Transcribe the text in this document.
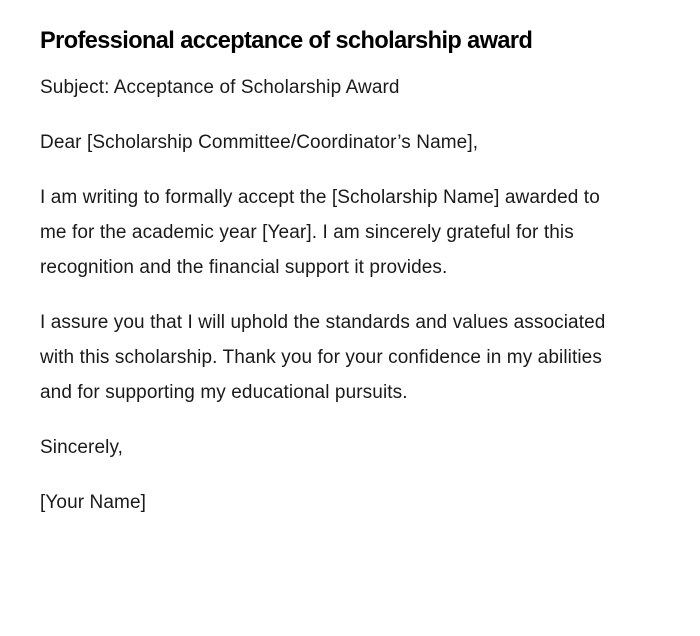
Professional acceptance of scholarship award

Subject: Acceptance of Scholarship Award

Dear [Scholarship Committee/Coordinator’s Name],

I am writing to formally accept the [Scholarship Name] awarded to me for the academic year [Year]. I am sincerely grateful for this recognition and the financial support it provides.

I assure you that I will uphold the standards and values associated with this scholarship. Thank you for your confidence in my abilities and for supporting my educational pursuits.

Sincerely,

[Your Name]
